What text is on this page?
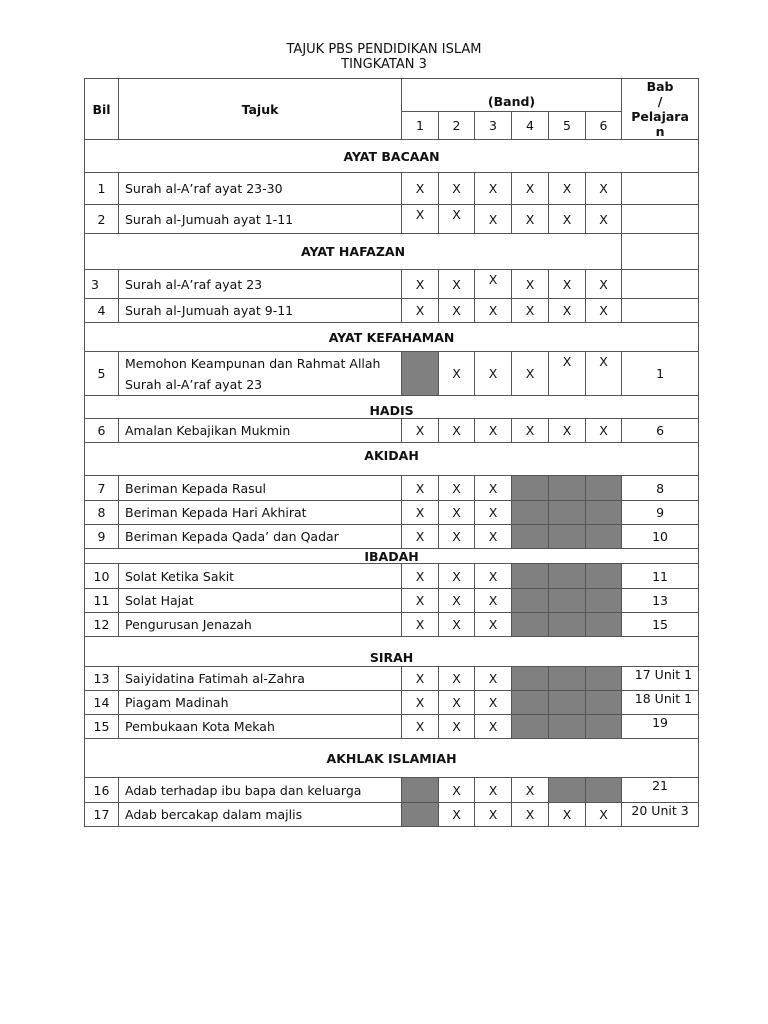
TAJUK PBS PENDIDIKAN ISLAM
TINGKATAN 3
Bil	Tajuk	(Band)						Bab
/
Pelajara
n

		1	2	3	4	5	6	
AYAT BACAAN								
1	Surah al-A’raf ayat 23-30	X	X	X	X	X	X	
2	Surah al-Jumuah ayat 1-11	X	X	X	X	X	X	
AYAT HAFAZAN								
3	Surah al-A’raf ayat 23	X	X	X	X	X	X	
4	Surah al-Jumuah ayat 9-11	X	X	X	X	X	X	
AYAT KEFAHAMAN								
5	Memohon Keampunan dan Rahmat Allah
Surah al-A’raf ayat 23		X	X	X	X	X	1
HADIS								
6	Amalan Kebajikan Mukmin	X	X	X	X	X	X	6
AKIDAH								
7	Beriman Kepada Rasul	X	X	X				8
8	Beriman Kepada Hari Akhirat	X	X	X				9
9	Beriman Kepada Qada’ dan Qadar	X	X	X				10
IBADAH								
10	Solat Ketika Sakit	X	X	X				11
11	Solat Hajat	X	X	X				13
12	Pengurusan Jenazah	X	X	X				15
SIRAH								
13	Saiyidatina Fatimah al-Zahra	X	X	X				17 Unit 1
14	Piagam Madinah	X	X	X				18 Unit 1
15	Pembukaan Kota Mekah	X	X	X				19
AKHLAK ISLAMIAH								
16	Adab terhadap ibu bapa dan keluarga		X	X	X			21
17	Adab bercakap dalam majlis		X	X	X	X	X	20 Unit 3
